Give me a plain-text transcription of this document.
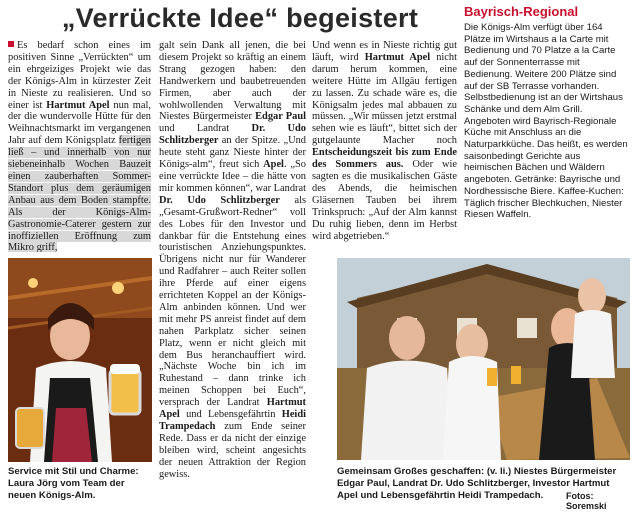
„Verrückte Idee“ begeistert

Es bedarf schon eines im positiven Sinne „Verrückten“ um ein ehrgeiziges Projekt wie das der Königs-Alm in kürzester Zeit in Nieste zu realisieren. Und so einer ist Hartmut Apel nun mal, der die wundervolle Hütte für den Weihnachtsmarkt im vergangenen Jahr auf dem Königsplatz fertigen ließ – und innerhalb von nur siebeneinhalb Wochen Bauzeit einen zauberhaften Sommer-Standort plus dem geräumigen Anbau aus dem Boden stampfte. Als der Königs-Alm-Gastronomie-Caterer gestern zur inoffiziellen Eröffnung zum Mikro griff,

galt sein Dank all jenen, die bei diesem Projekt so kräftig an einem Strang gezogen haben: den Handwerkern und baubetreuenden Firmen, aber auch der wohlwollenden Verwaltung mit Niestes Bürgermeister Edgar Paul und Landrat Dr. Udo Schlitzberger an der Spitze. „Und heute steht ganz Nieste hinter der Königs-alm“, freut sich Apel. „So eine verrückte Idee – die hätte von mir kommen können“, war Landrat Dr. Udo Schlitzberger als „Gesamt-Grußwort-Redner“ voll des Lobes für den Investor und dankbar für die Entstehung eines touristischen Anziehungspunktes. Übrigens nicht nur für Wanderer und Radfahrer – auch Reiter sollen ihre Pferde auf einer eigens errichteten Koppel an der Königs-Alm anbinden können. Und wer mit mehr PS anreist findet auf dem nahen Parkplatz sicher seinen Platz, wenn er nicht gleich mit dem Bus heranchauffiert wird. „Nächste Woche bin ich im Ruhestand – dann trinke ich meinen Schoppen bei Euch“, versprach der Landrat Hartmut Apel und Lebensgefährtin Heidi Trampedach zum Ende seiner Rede. Dass er da nicht der einzige bleiben wird, scheint angesichts der neuen Attraktion der Region gewiss.

Und wenn es in Nieste richtig gut läuft, wird Hartmut Apel nicht darum herum kommen, eine weitere Hütte im Allgäu fertigen zu lassen. Zu schade wäre es, die Königsalm jedes mal abbauen zu müssen. „Wir müssen jetzt erstmal sehen wie es läuft“, bittet sich der gutgelaunte Macher noch Entscheidungszeit bis zum Ende des Sommers aus. Oder wie sagten es die musikalischen Gäste des Abends, die heimischen Gläsernen Tauben bei ihrem Trinkspruch: „Auf der Alm kannst Du ruhig lieben, denn im Herbst wird abgetrieben.“

Bayrisch-Regional
Die Königs-Alm verfügt über 164 Plätze im Wirtshaus a la Carte mit Bedienung und 70 Platze a la Carte auf der Sonnenterrasse mit Bedienung. Weitere 200 Plätze sind auf der SB Terrasse vorhanden. Selbstbedienung ist an der Wirtshaus Schänke und dem Alm Grill. Angeboten wird Bayrisch-Regionale Küche mit Anschluss an die Naturparkküche. Das heißt, es werden saisonbedingt Gerichte aus heimischen Bächen und Wäldern angeboten. Getränke: Bayrische und Nordhessische Biere. Kaffee-Kuchen: Täglich frischer Blechkuchen, Niester Riesen Waffeln.
Service mit Stil und Charme: Laura Jörg vom Team der neuen Königs-Alm.
Gemeinsam Großes geschaffen: (v. li.) Niestes Bürgermeister Edgar Paul, Landrat Dr. Udo Schlitzberger, Investor Hartmut Apel und Lebensgefährtin Heidi Trampedach.	Fotos: Soremski
